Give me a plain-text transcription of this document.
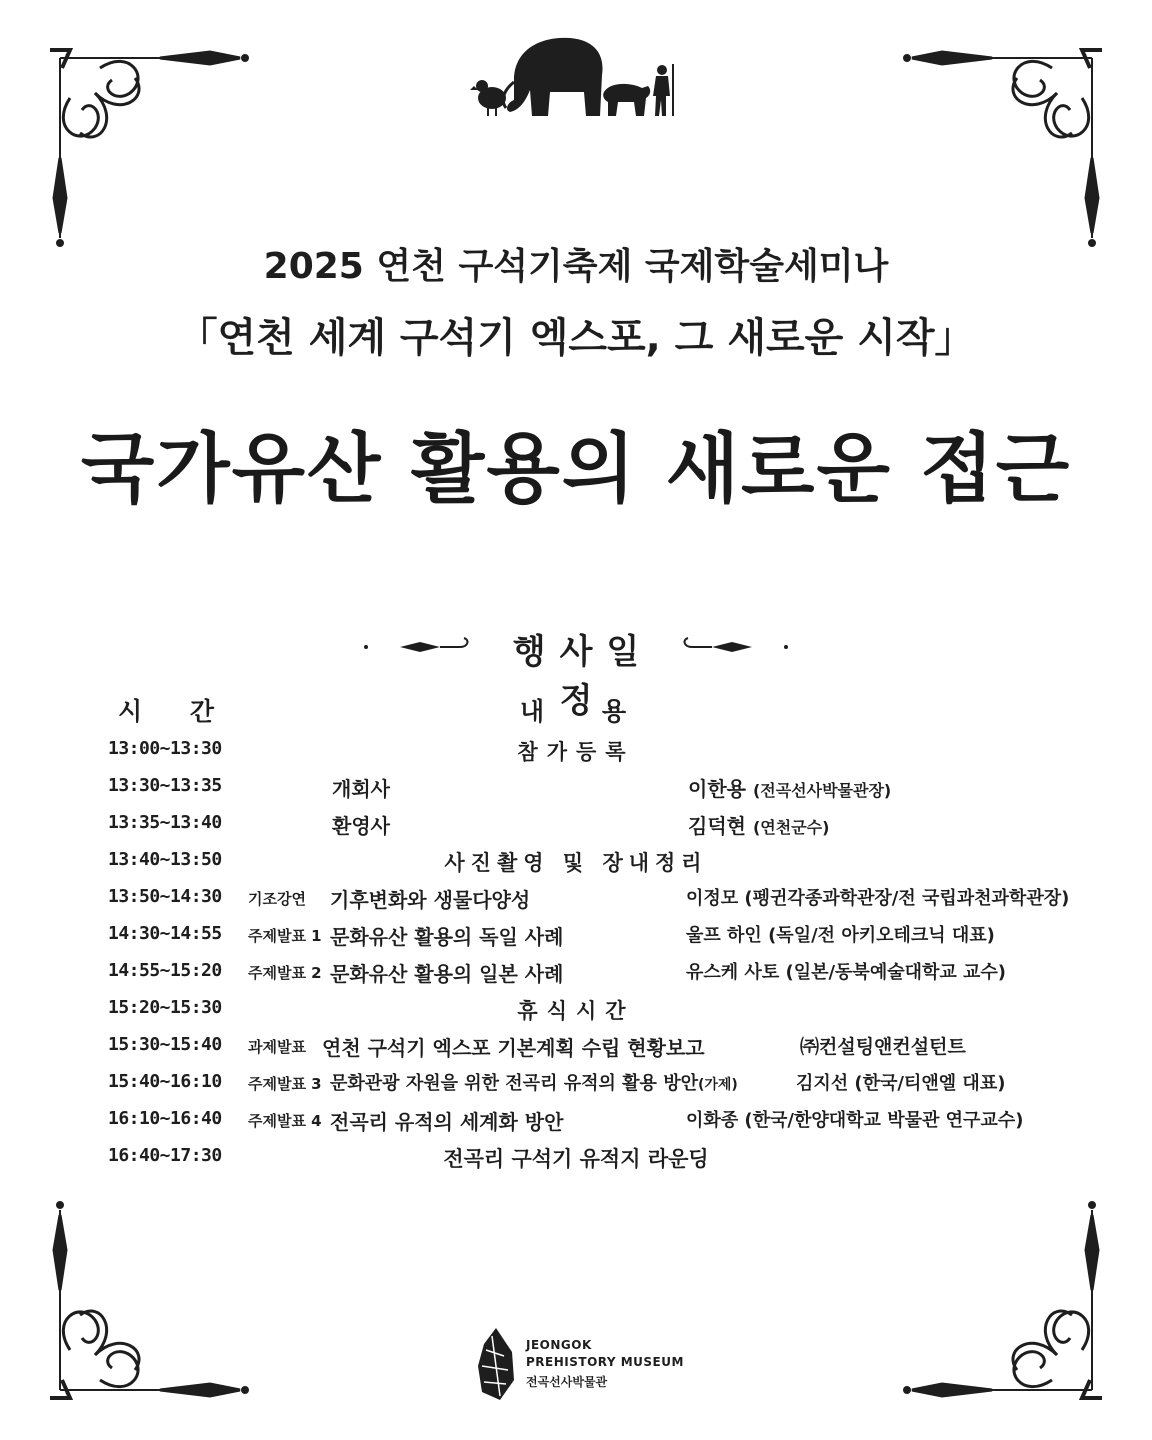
2025 연천 구석기축제 국제학술세미나
「연천 세계 구석기 엑스포, 그 새로운 시작」
국가유산 활용의 새로운 접근
행사일정
시 간	내 용
13:00~13:30	참가등록
13:30~13:35	개회사	이한용 (전곡선사박물관장)
13:35~13:40	환영사	김덕현 (연천군수)
13:40~13:50	사진촬영 및 장내정리
13:50~14:30 기조강연 기후변화와 생물다양성	이정모 (펭귄각종과학관장/전 국립과천과학관장)
14:30~14:55 주제발표 1 문화유산 활용의 독일 사례	울프 하인 (독일/전 아키오테크닉 대표)
14:55~15:20 주제발표 2 문화유산 활용의 일본 사례	유스케 사토 (일본/동북예술대학교 교수)
15:20~15:30	휴식시간
15:30~15:40 과제발표 연천 구석기 엑스포 기본계획 수립 현황보고	㈜컨설팅앤컨설턴트
15:40~16:10 주제발표 3 문화관광 자원을 위한 전곡리 유적의 활용 방안(가제)	김지선 (한국/티앤엘 대표)
16:10~16:40 주제발표 4 전곡리 유적의 세계화 방안	이화종 (한국/한양대학교 박물관 연구교수)
16:40~17:30	전곡리 구석기 유적지 라운딩
JEONGOK
PREHISTORY MUSEUM
전곡선사박물관
